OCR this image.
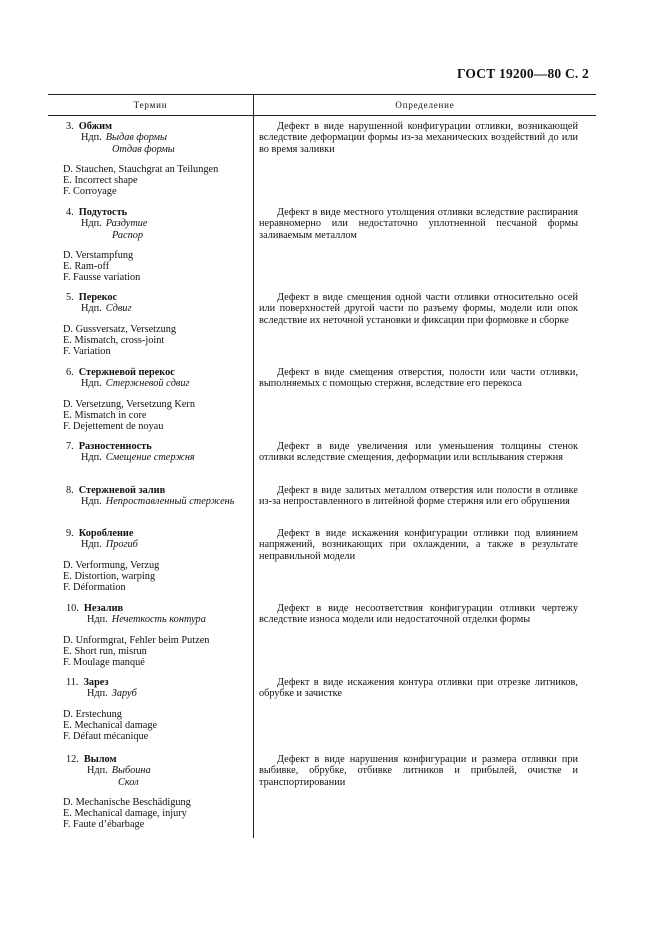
ГОСТ 19200—80 С. 2
Термин	Определение
3. Обжим
Ндп. Выдав формы
Отдав формы
D. Stauchen, Stauchgrat an Teilungen
E. Incorrect shape
F. Corroyage
Дефект в виде нарушенной конфигурации отливки, возникающей вследствие деформации формы из-за механических воздействий до или во время заливки
4. Подутость
Ндп. Раздутие
Распор
D. Verstampfung
E. Ram-off
F. Fausse variation
Дефект в виде местного утолщения отливки вследствие распирания неравномерно или недостаточно уплотненной песчаной формы заливаемым металлом
5. Перекос
Ндп. Сдвиг
D. Gussversatz, Versetzung
E. Mismatch, cross-joint
F. Variation
Дефект в виде смещения одной части отливки относительно осей или поверхностей другой части по разъему формы, модели или опок вследствие их неточной установки и фиксации при формовке и сборке
6. Стержневой перекос
Ндп. Стержневой сдвиг
D. Versetzung, Versetzung Kern
E. Mismatch in core
F. Dejettement de noyau
Дефект в виде смещения отверстия, полости или части отливки, выполняемых с помощью стержня, вследствие его перекоса
7. Разностенность
Ндп. Смещение стержня
Дефект в виде увеличения или уменьшения толщины стенок отливки вследствие смещения, деформации или всплывания стержня
8. Стержневой залив
Ндп. Непроставленный стержень
Дефект в виде залитых металлом отверстия или полости в отливке из-за непроставленного в литейной форме стержня или его обрушения
9. Коробление
Ндп. Прогиб
D. Verformung, Verzug
E. Distortion, warping
F. Déformation
Дефект в виде искажения конфигурации отливки под влиянием напряжений, возникающих при охлаждении, а также в результате неправильной модели
10. Незалив
Ндп. Нечеткость контура
D. Unformgrat, Fehler beim Putzen
E. Short run, misrun
F. Moulage manqué
Дефект в виде несоответствия конфигурации отливки чертежу вследствие износа модели или недостаточной отделки формы
11. Зарез
Ндп. Заруб
D. Erstechung
E. Mechanical damage
F. Défaut mécanique
Дефект в виде искажения контура отливки при отрезке литников, обрубке и зачистке
12. Вылом
Ндп. Выбоина
Скол
D. Mechanische Beschädigung
E. Mechanical damage, injury
F. Faute d’ébarbage
Дефект в виде нарушения конфигурации и размера отливки при выбивке, обрубке, отбивке литников и прибылей, очистке и транспортировании
